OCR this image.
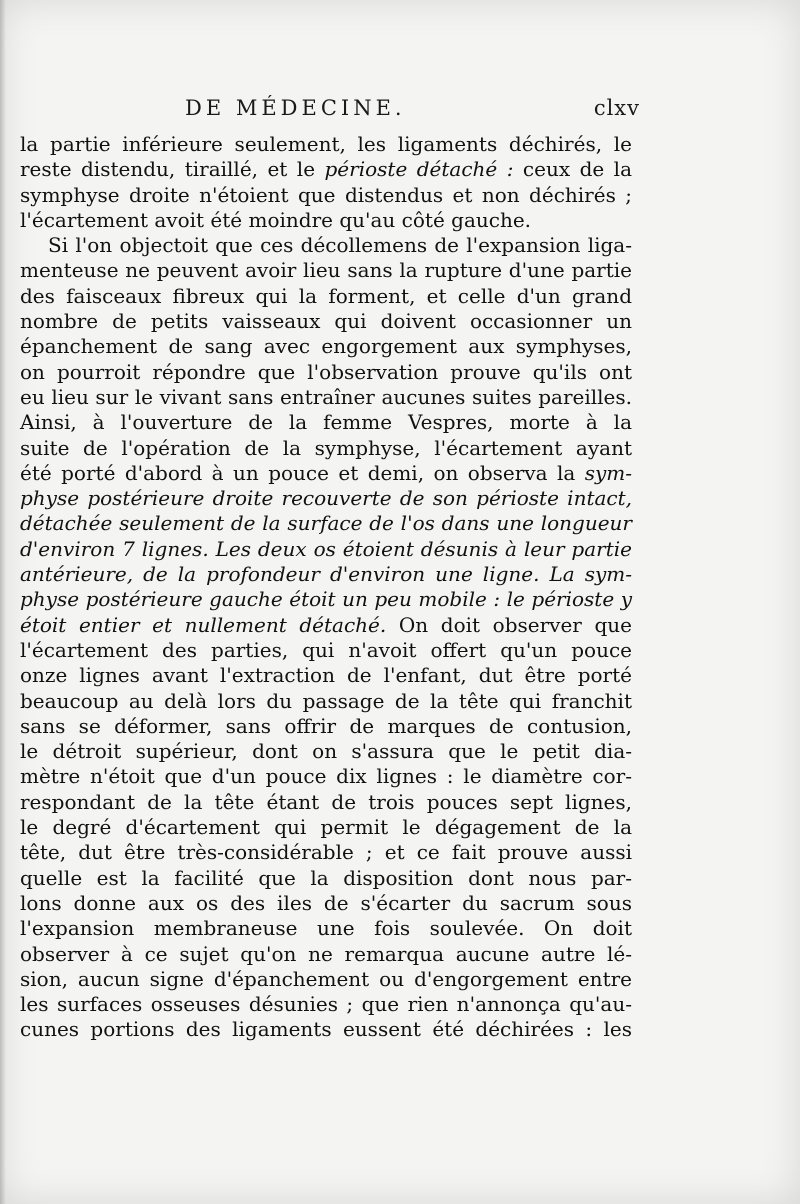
DE MÉDECINE.	clxv
la partie inférieure seulement, les ligaments déchirés, le
reste distendu, tiraillé, et le périoste détaché : ceux de la
symphyse droite n'étoient que distendus et non déchirés ;
l'écartement avoit été moindre qu'au côté gauche.
Si l'on objectoit que ces décollemens de l'expansion liga-
menteuse ne peuvent avoir lieu sans la rupture d'une partie
des faisceaux fibreux qui la forment, et celle d'un grand
nombre de petits vaisseaux qui doivent occasionner un
épanchement de sang avec engorgement aux symphyses,
on pourroit répondre que l'observation prouve qu'ils ont
eu lieu sur le vivant sans entraîner aucunes suites pareilles.
Ainsi, à l'ouverture de la femme Vespres, morte à la
suite de l'opération de la symphyse, l'écartement ayant
été porté d'abord à un pouce et demi, on observa la sym-
physe postérieure droite recouverte de son périoste intact,
détachée seulement de la surface de l'os dans une longueur
d'environ 7 lignes. Les deux os étoient désunis à leur partie
antérieure, de la profondeur d'environ une ligne. La sym-
physe postérieure gauche étoit un peu mobile : le périoste y
étoit entier et nullement détaché. On doit observer que
l'écartement des parties, qui n'avoit offert qu'un pouce
onze lignes avant l'extraction de l'enfant, dut être porté
beaucoup au delà lors du passage de la tête qui franchit
sans se déformer, sans offrir de marques de contusion,
le détroit supérieur, dont on s'assura que le petit dia-
mètre n'étoit que d'un pouce dix lignes : le diamètre cor-
respondant de la tête étant de trois pouces sept lignes,
le degré d'écartement qui permit le dégagement de la
tête, dut être très-considérable ; et ce fait prouve aussi
quelle est la facilité que la disposition dont nous par-
lons donne aux os des iles de s'écarter du sacrum sous
l'expansion membraneuse une fois soulevée. On doit
observer à ce sujet qu'on ne remarqua aucune autre lé-
sion, aucun signe d'épanchement ou d'engorgement entre
les surfaces osseuses désunies ; que rien n'annonça qu'au-
cunes portions des ligaments eussent été déchirées : les
